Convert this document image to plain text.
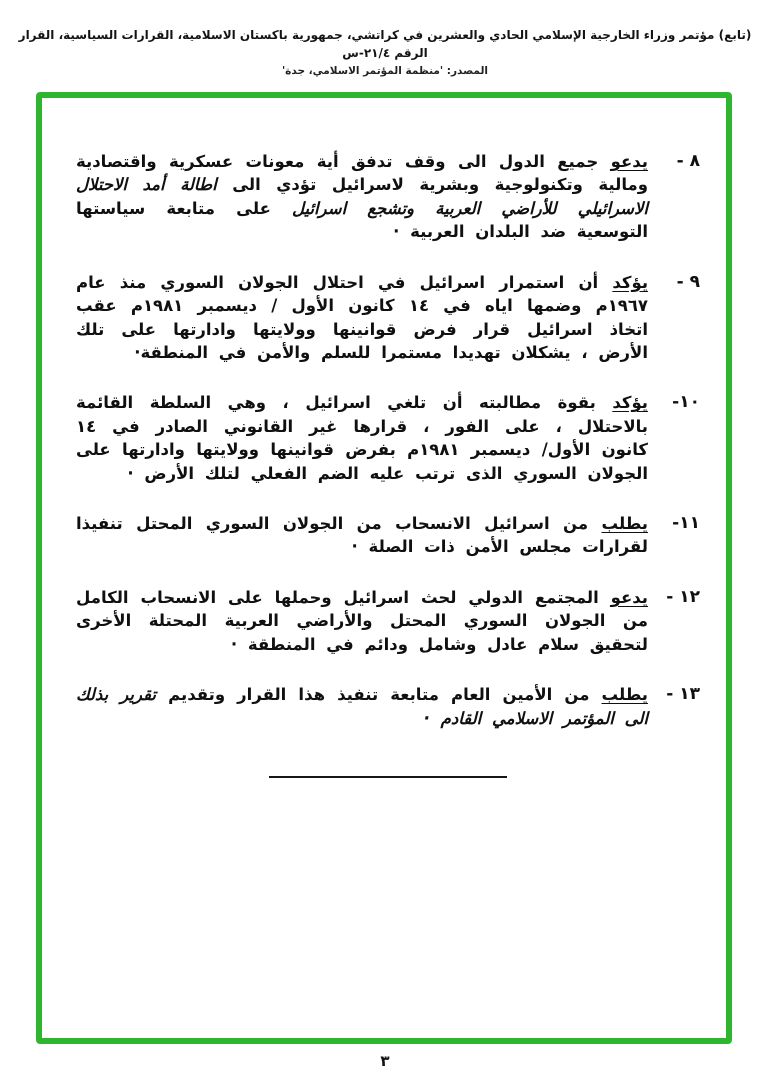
(تابع) مؤتمر وزراء الخارجية الإسلامي الحادي والعشرين في كراتشي، جمهورية باكستان الاسلامية، القرارات السياسية، القرار الرقم ٢١/٤-س
المصدر: 'منظمة المؤتمر الاسلامي، جدة'
٨ -

يدعو جميع الدول الى وقف تدفق أية معونات عسكرية واقتصادية ومالية وتكنولوجية وبشرية لاسرائيل تؤدي الى اطالة أمد الاحتلال الاسرائيلي للأراضي العربية وتشجع اسرائيل على متابعة سياستها التوسعية ضد البلدان العربية ·

٩ -

يؤكد أن استمرار اسرائيل في احتلال الجولان السوري منذ عام ١٩٦٧م وضمها اياه في ١٤ كانون الأول / ديسمبر ١٩٨١م عقب اتخاذ اسرائيل قرار فرض قوانينها وولايتها وادارتها على تلك الأرض ، يشكلان تهديدا مستمرا للسلم والأمن في المنطقة·

١٠-

يؤكد بقوة مطالبته أن تلغي اسرائيل ، وهي السلطة القائمة بالاحتلال ، على الفور ، قرارها غير القانوني الصادر في ١٤ كانون الأول/ ديسمبر ١٩٨١م بفرض قوانينها وولايتها وادارتها على الجولان السوري الذى ترتب عليه الضم الفعلي لتلك الأرض ·

١١-

يطلب من اسرائيل الانسحاب من الجولان السوري المحتل تنفيذا لقرارات مجلس الأمن ذات الصلة ·

١٢ -

يدعو المجتمع الدولي لحث اسرائيل وحملها على الانسحاب الكامل من الجولان السوري المحتل والأراضي العربية المحتلة الأخرى لتحقيق سلام عادل وشامل ودائم في المنطقة ·

١٣ -

يطلب من الأمين العام متابعة تنفيذ هذا القرار وتقديم تقرير بذلك الى المؤتمر الاسلامي القادم ·

٣
